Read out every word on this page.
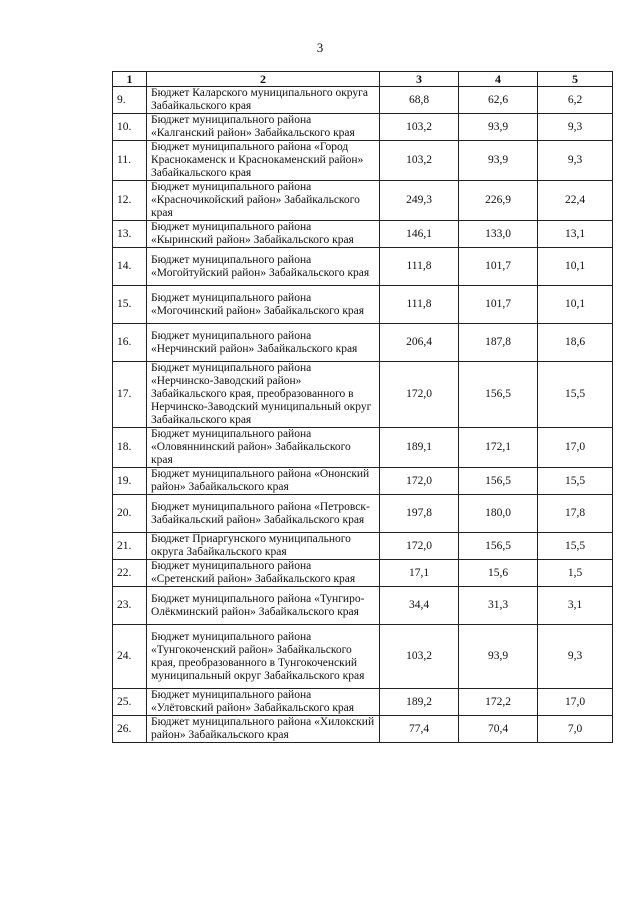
3
1	2	3	4	5
9.	Бюджет Каларского муниципального округа Забайкальского края	68,8	62,6	6,2
10.	Бюджет муниципального района «Калганский район» Забайкальского края	103,2	93,9	9,3
11.	Бюджет муниципального района «Город Краснокаменск и Краснокаменский район» Забайкальского края	103,2	93,9	9,3
12.	Бюджет муниципального района «Красночикойский район» Забайкальского края	249,3	226,9	22,4
13.	Бюджет муниципального района «Кыринский район» Забайкальского края	146,1	133,0	13,1
14.	Бюджет муниципального района «Могойтуйский район» Забайкальского края	111,8	101,7	10,1
15.	Бюджет муниципального района «Могочинский район» Забайкальского края	111,8	101,7	10,1
16.	Бюджет муниципального района «Нерчинский район» Забайкальского края	206,4	187,8	18,6
17.	Бюджет муниципального района «Нерчинско-Заводский район» Забайкальского края, преобразованного в Нерчинско-Заводский муниципальный округ Забайкальского края	172,0	156,5	15,5
18.	Бюджет муниципального района «Оловяннинский район» Забайкальского края	189,1	172,1	17,0
19.	Бюджет муниципального района «Ононский район» Забайкальского края	172,0	156,5	15,5
20.	Бюджет муниципального района «Петровск-Забайкальский район» Забайкальского края	197,8	180,0	17,8
21.	Бюджет Приаргунского муниципального округа Забайкальского края	172,0	156,5	15,5
22.	Бюджет муниципального района «Сретенский район» Забайкальского края	17,1	15,6	1,5
23.	Бюджет муниципального района «Тунгиро-Олёкминский район» Забайкальского края	34,4	31,3	3,1
24.	Бюджет муниципального района «Тунгокоченский район» Забайкальского края, преобразованного в Тунгокоченский муниципальный округ Забайкальского края	103,2	93,9	9,3
25.	Бюджет муниципального района «Улётовский район» Забайкальского края	189,2	172,2	17,0
26.	Бюджет муниципального района «Хилокский район» Забайкальского края	77,4	70,4	7,0
